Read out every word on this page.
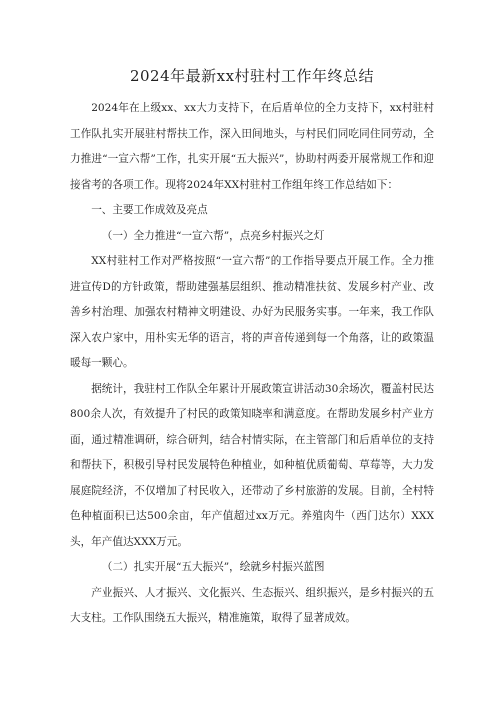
2024年最新xx村驻村工作年终总结

2024年在上级xx、xx大力支持下，在后盾单位的全力支持下，xx村驻村工作队扎实开展驻村帮扶工作，深入田间地头，与村民们同吃同住同劳动，全力推进“一宣六帮”工作，扎实开展“五大振兴”，协助村两委开展常规工作和迎接省考的各项工作。现将2024年XX村驻村工作组年终工作总结如下：

一、主要工作成效及亮点

（一）全力推进“一宣六帮”，点亮乡村振兴之灯

XX村驻村工作对严格按照“一宣六帮”的工作指导要点开展工作。全力推进宣传D的方针政策，帮助建强基层组织、推动精准扶贫、发展乡村产业、改善乡村治理、加强农村精神文明建设、办好为民服务实事。一年来，我工作队深入农户家中，用朴实无华的语言，将的声音传递到每一个角落，让的政策温暖每一颗心。

据统计，我驻村工作队全年累计开展政策宣讲活动30余场次，覆盖村民达800余人次，有效提升了村民的政策知晓率和满意度。在帮助发展乡村产业方面，通过精准调研，综合研判，结合村情实际，在主管部门和后盾单位的支持和帮扶下，积极引导村民发展特色种植业，如种植优质葡萄、草莓等，大力发展庭院经济，不仅增加了村民收入，还带动了乡村旅游的发展。目前，全村特色种植面积已达500余亩，年产值超过xx万元。养殖肉牛（西门达尔）XXX头，年产值达XXX万元。

（二）扎实开展“五大振兴”，绘就乡村振兴蓝图

产业振兴、人才振兴、文化振兴、生态振兴、组织振兴，是乡村振兴的五大支柱。工作队围绕五大振兴，精准施策，取得了显著成效。
